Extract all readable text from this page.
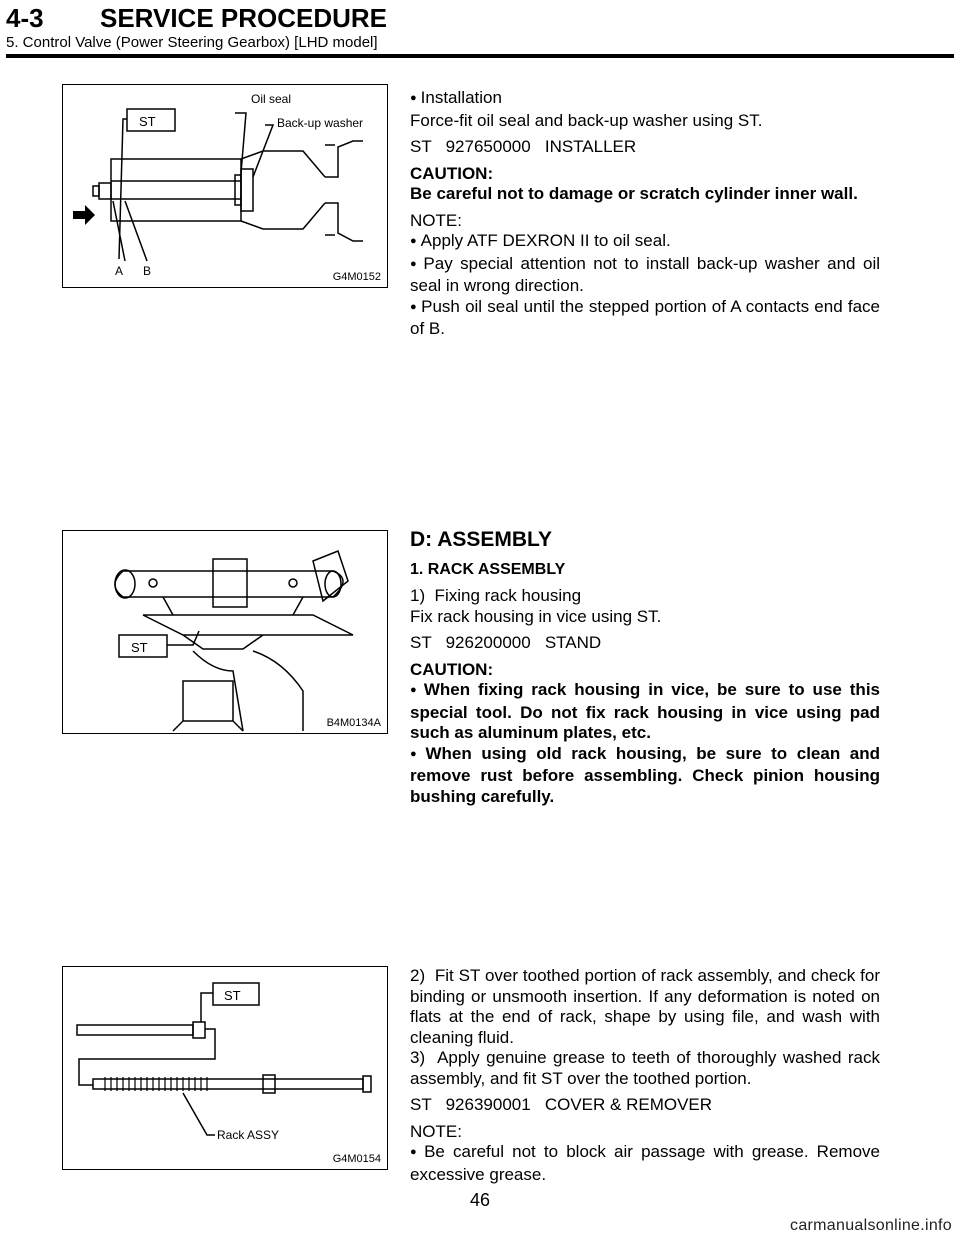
4-3 SERVICE PROCEDURE
5. Control Valve (Power Steering Gearbox) [LHD model]
ST
Oil seal
Back-up washer
A B	G4M0152
ST
B4M0134A
ST
Rack ASSY
G4M0154

● Installation

Force-fit oil seal and back-up washer using ST.

ST   927650000   INSTALLER

CAUTION:

Be careful not to damage or scratch cylinder inner wall.

NOTE:

● Apply ATF DEXRON II to oil seal.

● Pay special attention not to install back-up washer and oil seal in wrong direction.

● Push oil seal until the stepped portion of A contacts end face of B.

D: ASSEMBLY
1. RACK ASSEMBLY

1)  Fixing rack housing

Fix rack housing in vice using ST.

ST   926200000   STAND

CAUTION:

● When fixing rack housing in vice, be sure to use this special tool. Do not fix rack housing in vice using pad such as aluminum plates, etc.

● When using old rack housing, be sure to clean and remove rust before assembling. Check pinion housing bushing carefully.

2)  Fit ST over toothed portion of rack assembly, and check for binding or unsmooth insertion. If any deformation is noted on flats at the end of rack, shape by using file, and wash with cleaning fluid.

3)  Apply genuine grease to teeth of thoroughly washed rack assembly, and fit ST over the toothed portion.

ST   926390001   COVER & REMOVER

NOTE:

● Be careful not to block air passage with grease. Remove excessive grease.

46
carmanualsonline.info
